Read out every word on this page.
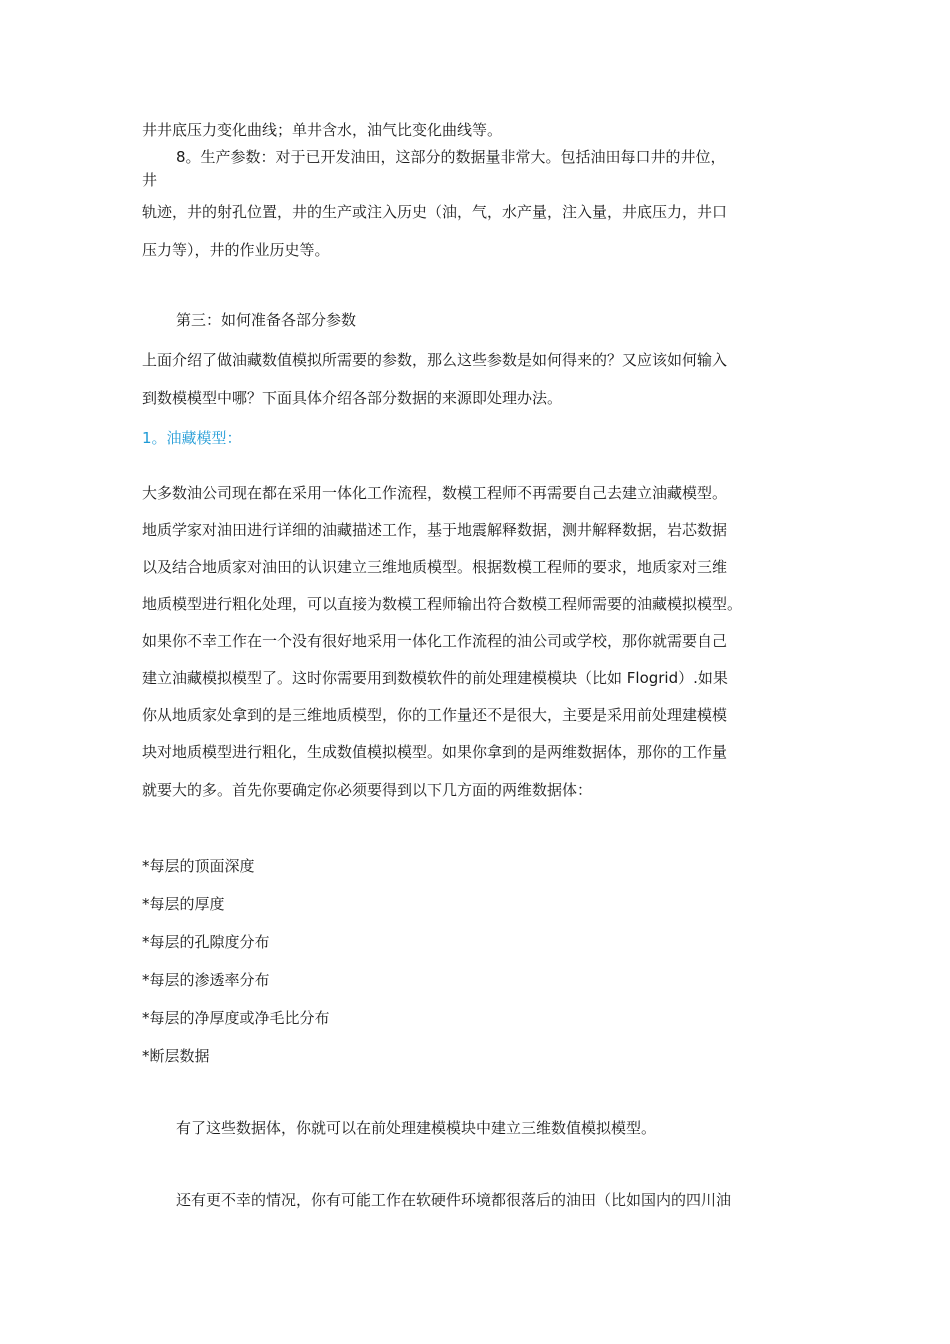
井井底压力变化曲线；单井含水，油气比变化曲线等。

8。生产参数：对于已开发油田，这部分的数据量非常大。包括油田每口井的井位，

井

轨迹，井的射孔位置，井的生产或注入历史（油，气，水产量，注入量，井底压力，井口

压力等），井的作业历史等。

第三：如何准备各部分参数

上面介绍了做油藏数值模拟所需要的参数，那么这些参数是如何得来的？又应该如何输入

到数模模型中哪？下面具体介绍各部分数据的来源即处理办法。

1。油藏模型：

大多数油公司现在都在采用一体化工作流程，数模工程师不再需要自己去建立油藏模型。

地质学家对油田进行详细的油藏描述工作，基于地震解释数据，测井解释数据，岩芯数据

以及结合地质家对油田的认识建立三维地质模型。根据数模工程师的要求，地质家对三维

地质模型进行粗化处理，可以直接为数模工程师输出符合数模工程师需要的油藏模拟模型。

如果你不幸工作在一个没有很好地采用一体化工作流程的油公司或学校，那你就需要自己

建立油藏模拟模型了。这时你需要用到数模软件的前处理建模模块（比如 Flogrid）.如果

你从地质家处拿到的是三维地质模型，你的工作量还不是很大，主要是采用前处理建模模

块对地质模型进行粗化，生成数值模拟模型。如果你拿到的是两维数据体，那你的工作量

就要大的多。首先你要确定你必须要得到以下几方面的两维数据体：

*每层的顶面深度

*每层的厚度

*每层的孔隙度分布

*每层的渗透率分布

*每层的净厚度或净毛比分布

*断层数据

有了这些数据体，你就可以在前处理建模模块中建立三维数值模拟模型。

还有更不幸的情况，你有可能工作在软硬件环境都很落后的油田（比如国内的四川油
